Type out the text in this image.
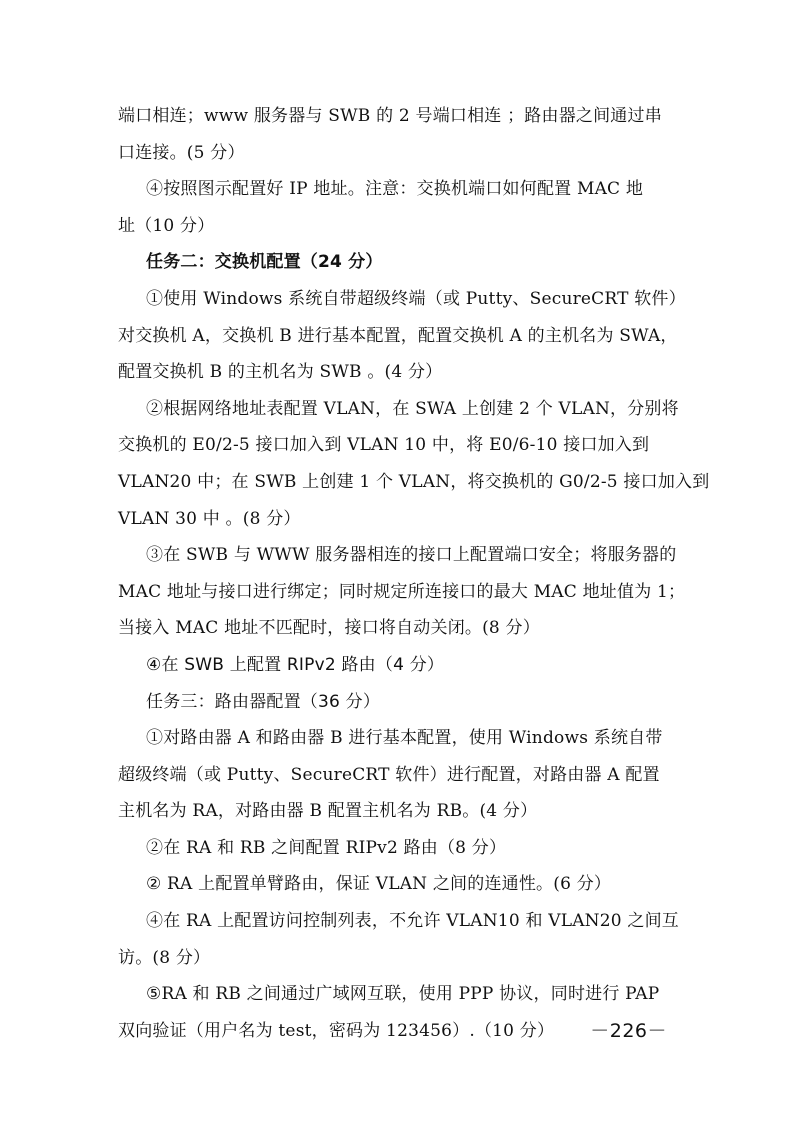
端口相连；www 服务器与 SWB 的 2 号端口相连 ；路由器之间通过串
口连接。(5 分）
④按照图示配置好 IP 地址。注意：交换机端口如何配置 MAC 地
址（10 分）
任务二：交换机配置（24 分）
①使用 Windows 系统自带超级终端（或 Putty、SecureCRT 软件）
对交换机 A，交换机 B 进行基本配置，配置交换机 A 的主机名为 SWA，
配置交换机 B 的主机名为 SWB 。(4 分）
②根据网络地址表配置 VLAN，在 SWA 上创建 2 个 VLAN，分别将
交换机的 E0/2-5 接口加入到 VLAN 10 中，将 E0/6-10 接口加入到
VLAN20 中；在 SWB 上创建 1 个 VLAN，将交换机的 G0/2-5 接口加入到
VLAN 30 中 。(8 分）
③在 SWB 与 WWW 服务器相连的接口上配置端口安全；将服务器的
MAC 地址与接口进行绑定；同时规定所连接口的最大 MAC 地址值为 1；
当接入 MAC 地址不匹配时，接口将自动关闭。(8 分）
④在 SWB 上配置 RIPv2 路由（4 分）
任务三：路由器配置（36 分）
①对路由器 A 和路由器 B 进行基本配置，使用 Windows 系统自带
超级终端（或 Putty、SecureCRT 软件）进行配置，对路由器 A 配置
主机名为 RA，对路由器 B 配置主机名为 RB。(4 分）
②在 RA 和 RB 之间配置 RIPv2 路由（8 分）
② RA 上配置单臂路由，保证 VLAN 之间的连通性。(6 分）
④在 RA 上配置访问控制列表，不允许 VLAN10 和 VLAN20 之间互
访。(8 分）
⑤RA 和 RB 之间通过广域网互联，使用 PPP 协议，同时进行 PAP
双向验证（用户名为 test，密码为 123456）.（10 分）	－226－
